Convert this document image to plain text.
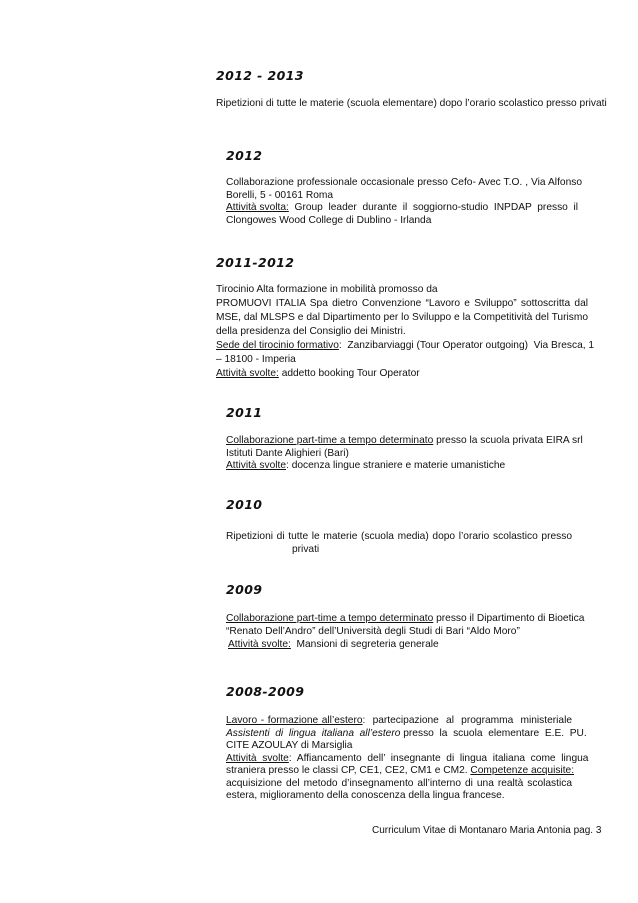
2012 - 2013
Ripetizioni di tutte le materie (scuola elementare) dopo l’orario scolastico presso privati
2012
Collaborazione professionale occasionale presso Cefo- Avec T.O. , Via Alfonso
Borelli, 5 - 00161 Roma
Attività svolta:  Group  leader  durante  il  soggiorno-studio  INPDAP  presso  il
Clongowes Wood College di Dublino - Irlanda
2011-2012
Tirocinio Alta formazione in mobilità promosso da
PROMUOVI ITALIA Spa dietro Convenzione “Lavoro e Sviluppo” sottoscritta dal
MSE, dal MLSPS e dal Dipartimento per lo Sviluppo e la Competitività del Turismo
della presidenza del Consiglio dei Ministri.
Sede del tirocinio formativo:  Zanzibarviaggi (Tour Operator outgoing)  Via Bresca, 1
– 18100 - Imperia
Attività svolte: addetto booking Tour Operator
2011
Collaborazione part-time a tempo determinato presso la scuola privata EIRA srl
Istituti Dante Alighieri (Bari)
Attività svolte: docenza lingue straniere e materie umanistiche
2010
Ripetizioni di tutte le materie (scuola media) dopo l’orario scolastico presso
privati
2009
Collaborazione part-time a tempo determinato presso il Dipartimento di Bioetica
“Renato Dell’Andro” dell’Università degli Studi di Bari “Aldo Moro”
Attività svolte:  Mansioni di segreteria generale
2008-2009
Lavoro - formazione all’estero:  partecipazione  al  programma  ministeriale
Assistenti  di  lingua  italiana  all’estero presso  la  scuola  elementare  E.E.  PU.
CITE AZOULAY di Marsiglia
Attività  svolte:  Affiancamento  dell’  insegnante  di  lingua  italiana  come  lingua
straniera presso le classi CP, CE1, CE2, CM1 e CM2. Competenze acquisite:
acquisizione del metodo d’insegnamento all’interno di una realtà scolastica
estera, miglioramento della conoscenza della lingua francese.
Curriculum Vitae di Montanaro Maria Antonia pag. 3
